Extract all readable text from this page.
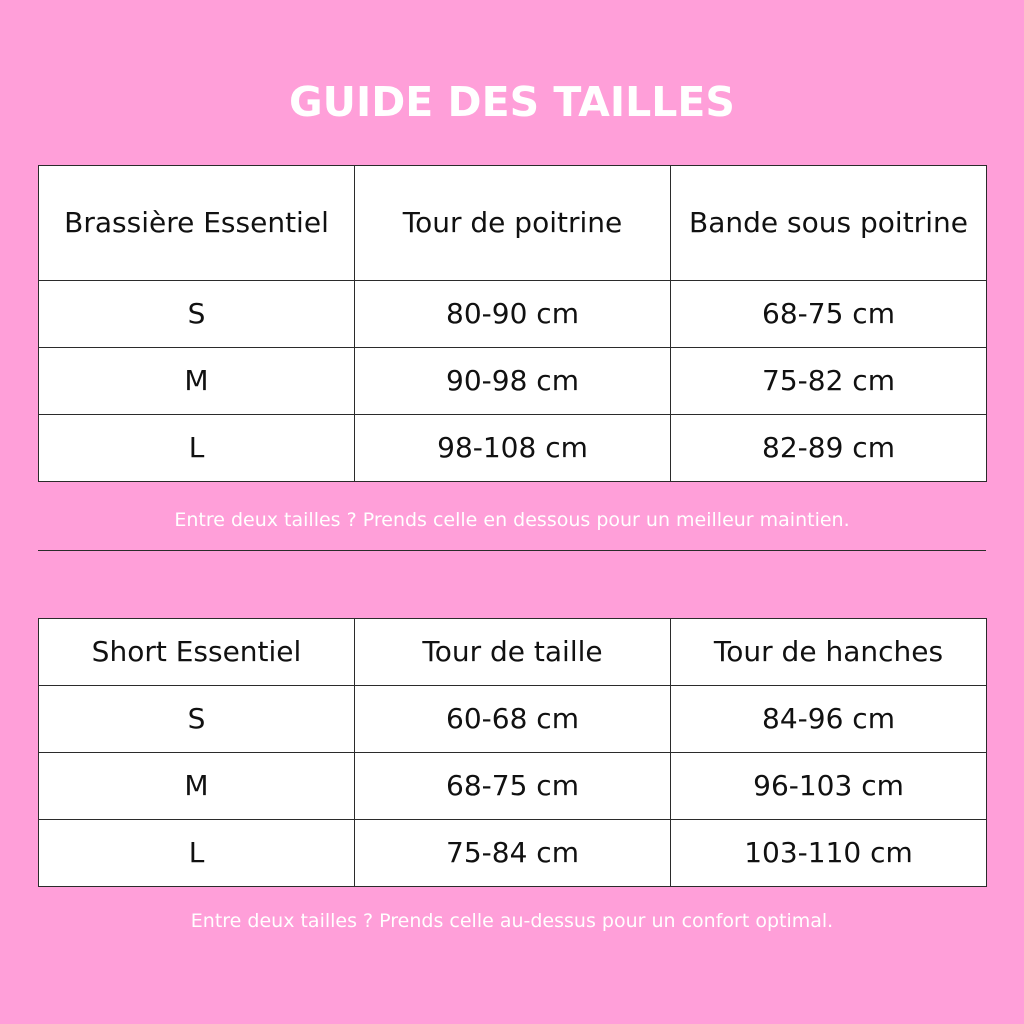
GUIDE DES TAILLES
Brassière Essentiel	Tour de poitrine	Bande sous poitrine
S	80-90 cm	68-75 cm
M	90-98 cm	75-82 cm
L	98-108 cm	82-89 cm
Entre deux tailles ? Prends celle en dessous pour un meilleur maintien.
Short Essentiel	Tour de taille	Tour de hanches
S	60-68 cm	84-96 cm
M	68-75 cm	96-103 cm
L	75-84 cm	103-110 cm
Entre deux tailles ? Prends celle au-dessus pour un confort optimal.
